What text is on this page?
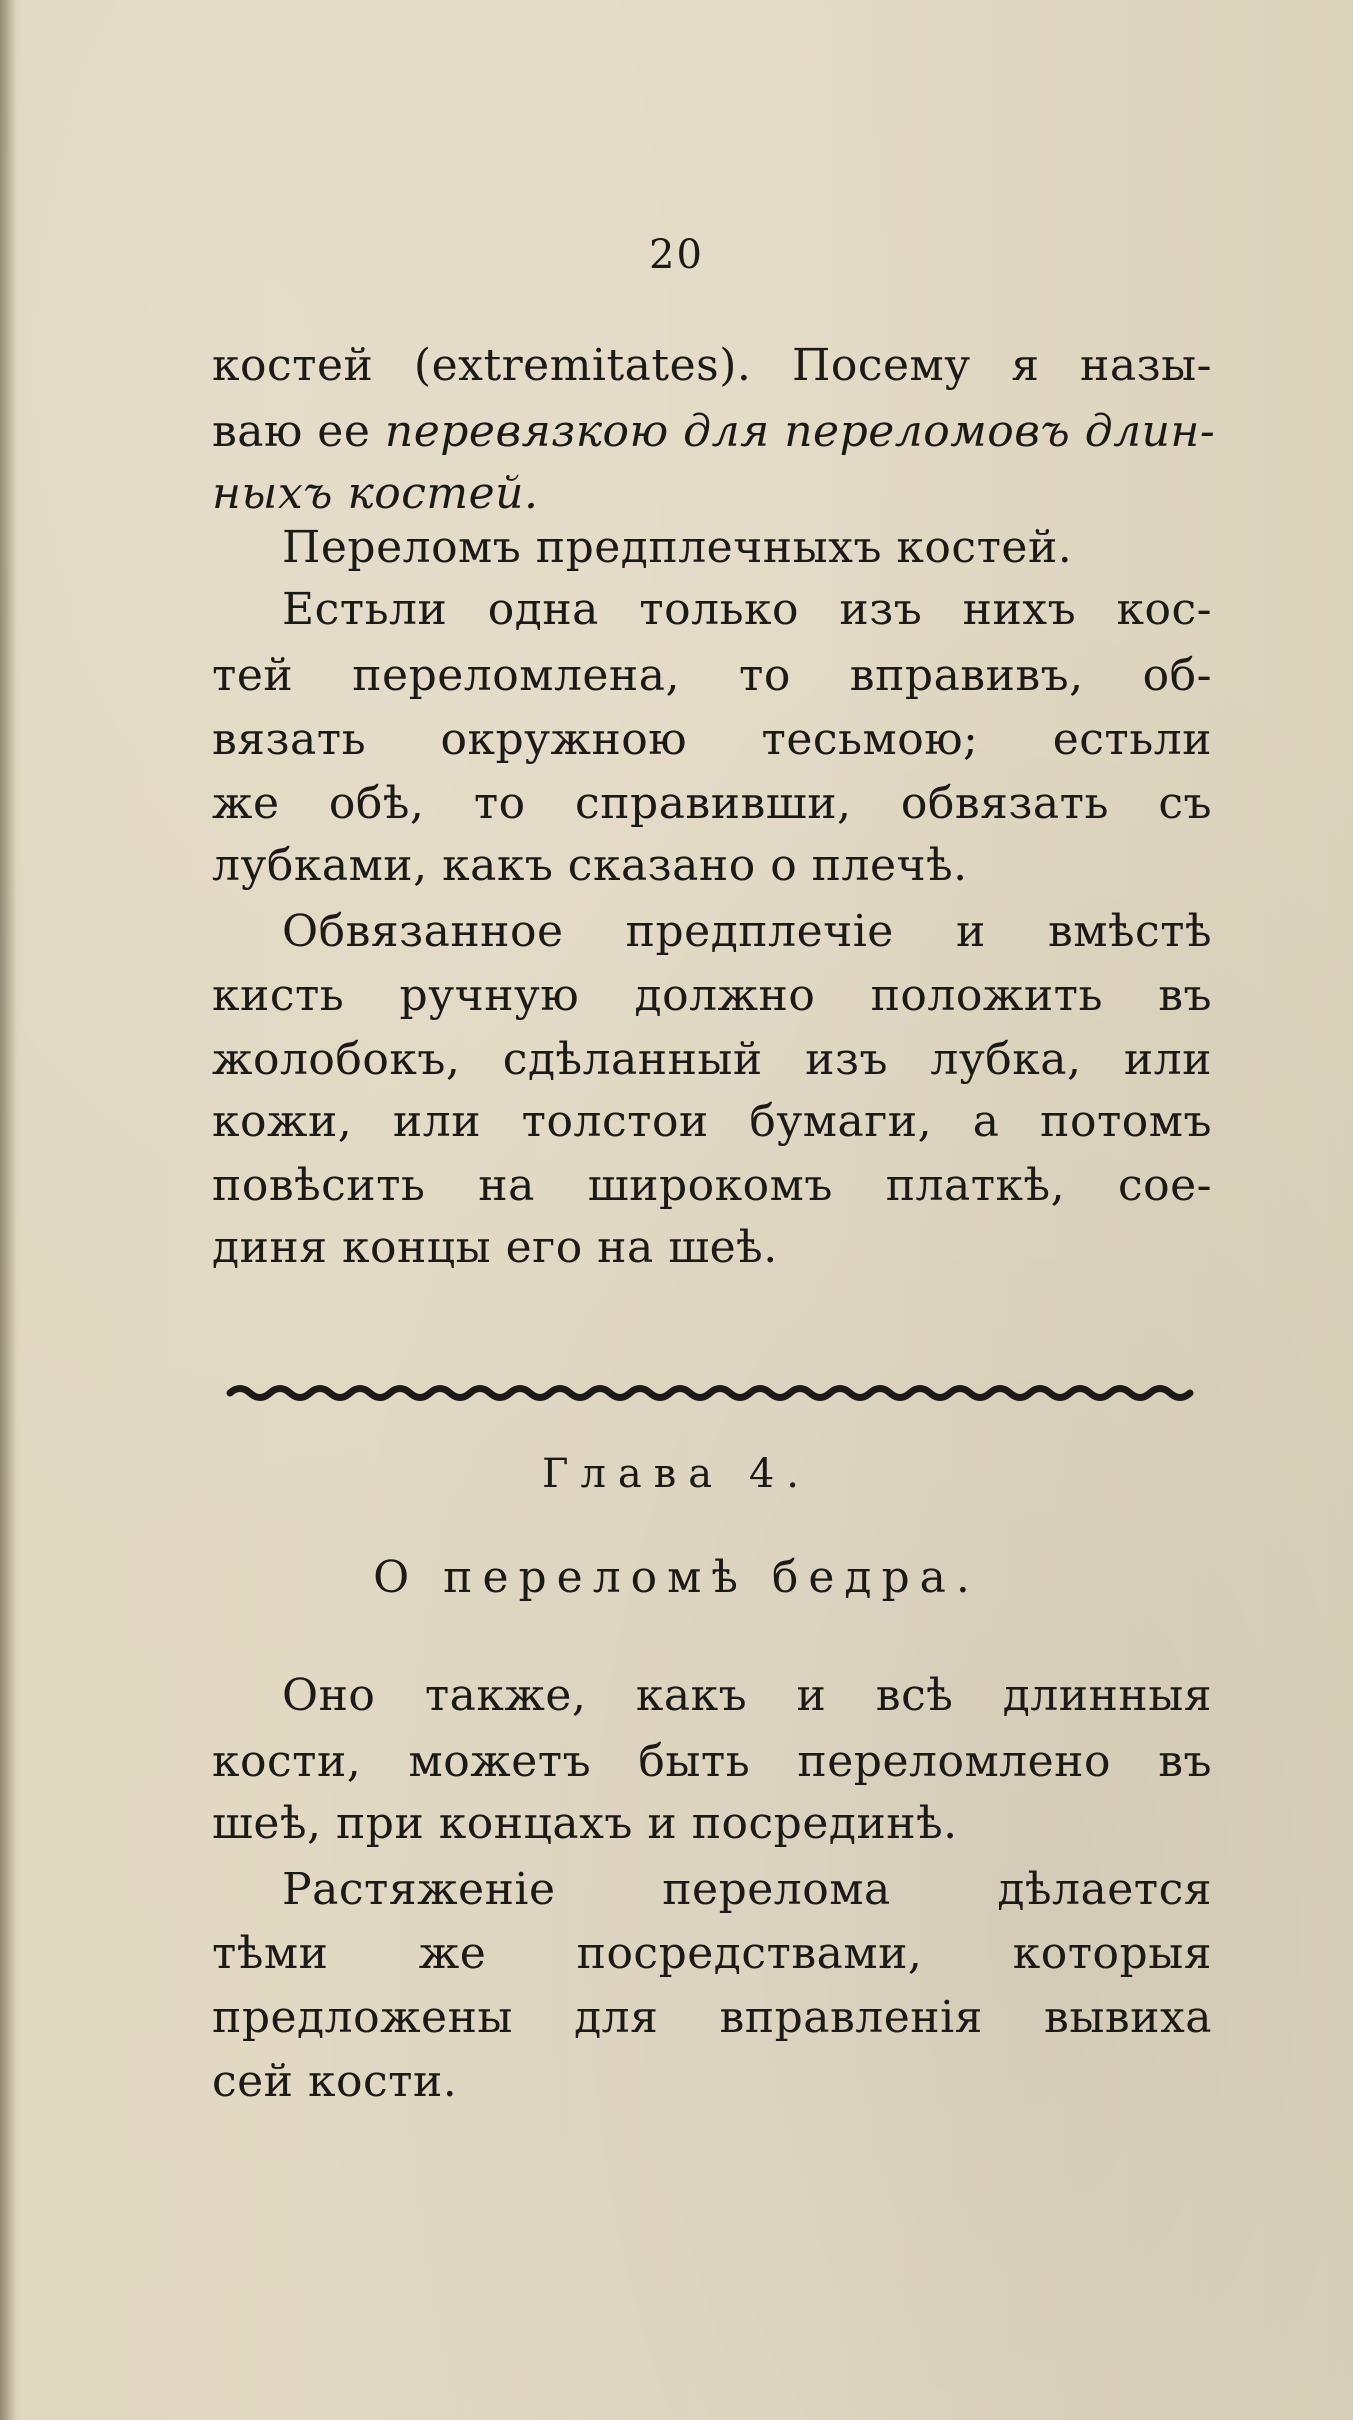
20
костей (extremitates). Посему я назы-
ваю ее перевязкою для переломовъ длин-
ныхъ костей.
Переломъ предплечныхъ костей.
Естьли одна только изъ нихъ кос-
тей переломлена, то вправивъ, об-
вязать окружною тесьмою; естьли
же обѣ, то справивши, обвязать съ
лубками, какъ сказано о плечѣ.
Обвязанное предплечіе и вмѣстѣ
кисть ручную должно положить въ
жолобокъ, сдѣланный изъ лубка, или
кожи, или толстои бумаги, а потомъ
повѣсить на широкомъ платкѣ, сое-
диня концы его на шеѣ.
Глава 4.
О переломѣ бедра.
Оно также, какъ и всѣ длинныя
кости, можетъ быть переломлено въ
шеѣ, при концахъ и посрединѣ.
Растяженіе перелома дѣлается
тѣми же посредствами, которыя
предложены для вправленія вывиха
сей кости.
